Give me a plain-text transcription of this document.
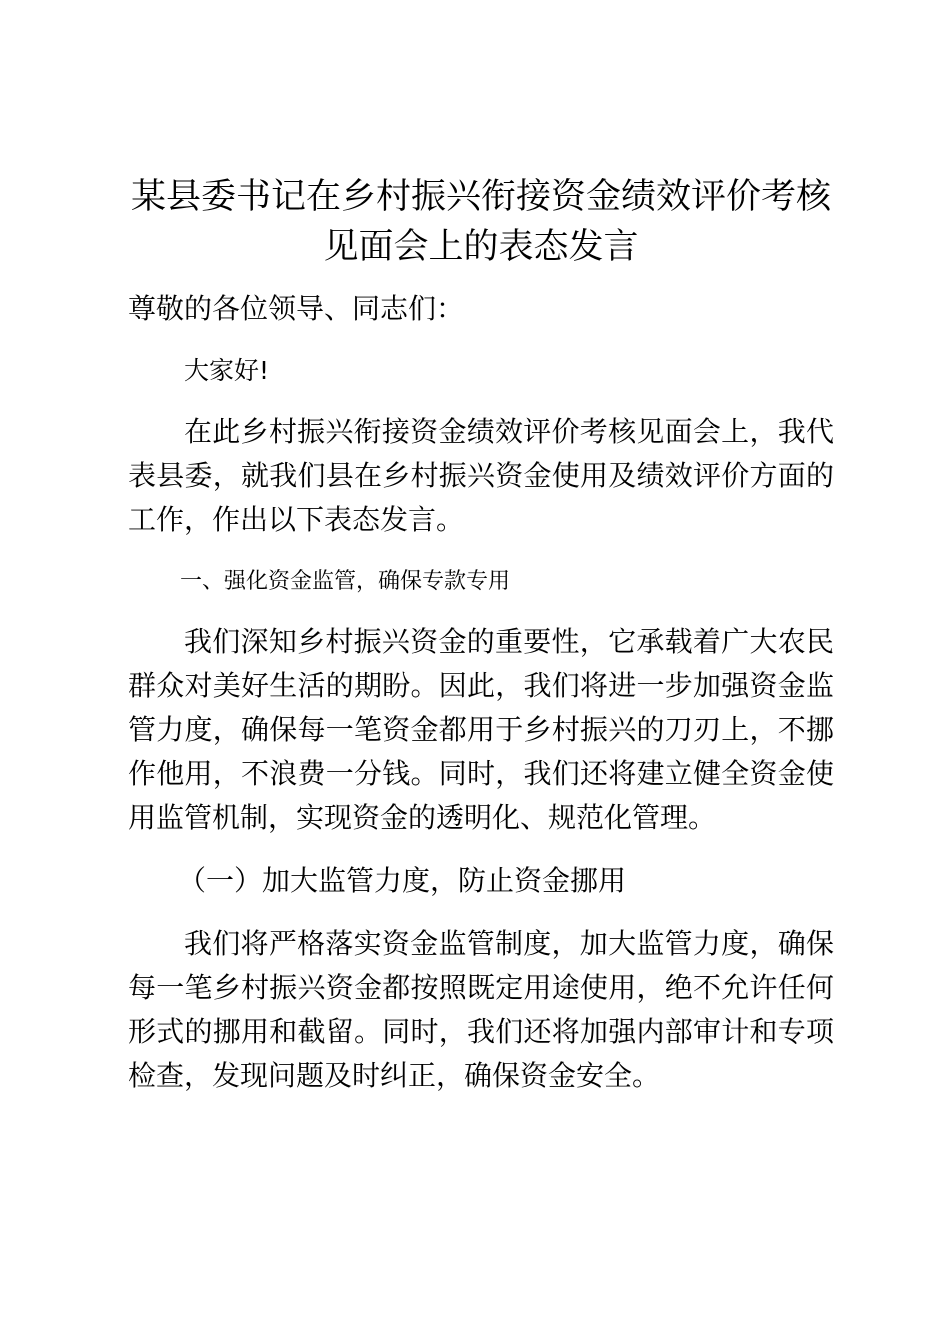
某县委书记在乡村振兴衔接资金绩效评价考核
见面会上的表态发言

尊敬的各位领导、同志们：

大家好!

在此乡村振兴衔接资金绩效评价考核见面会上，我代表县委，就我们县在乡村振兴资金使用及绩效评价方面的工作，作出以下表态发言。

一、强化资金监管，确保专款专用

我们深知乡村振兴资金的重要性，它承载着广大农民群众对美好生活的期盼。因此，我们将进一步加强资金监管力度，确保每一笔资金都用于乡村振兴的刀刃上，不挪作他用，不浪费一分钱。同时，我们还将建立健全资金使用监管机制，实现资金的透明化、规范化管理。

（一）加大监管力度，防止资金挪用

我们将严格落实资金监管制度，加大监管力度，确保每一笔乡村振兴资金都按照既定用途使用，绝不允许任何形式的挪用和截留。同时，我们还将加强内部审计和专项检查，发现问题及时纠正，确保资金安全。
